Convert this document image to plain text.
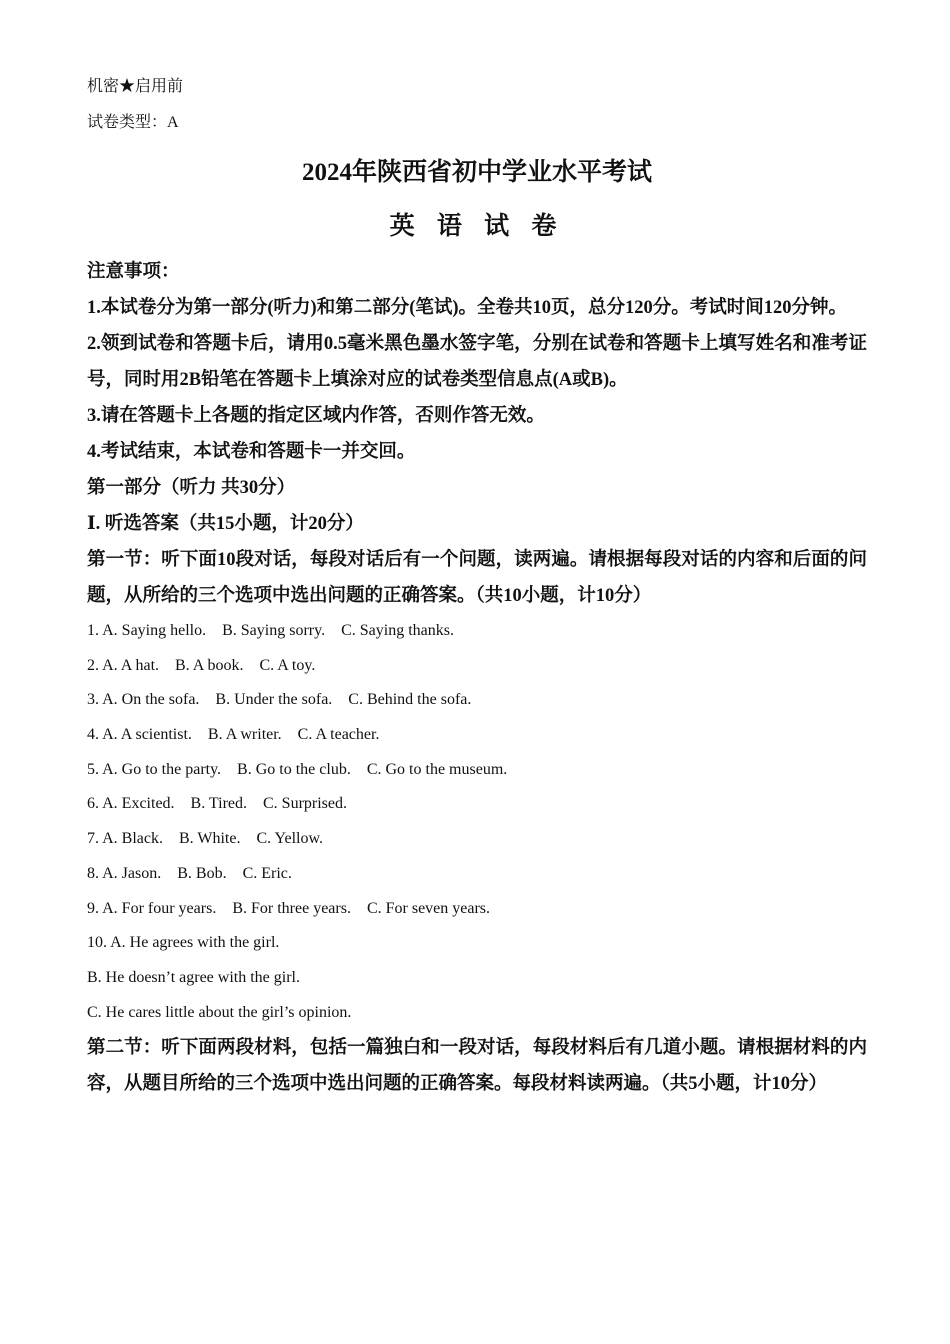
机密★启用前
试卷类型：A
2024年陕西省初中学业水平考试
英 语 试 卷
注意事项：
1.本试卷分为第一部分(听力)和第二部分(笔试)。全卷共10页，总分120分。考试时间120分钟。
2.领到试卷和答题卡后，请用0.5毫米黑色墨水签字笔，分别在试卷和答题卡上填写姓名和准考证号，同时用2B铅笔在答题卡上填涂对应的试卷类型信息点(A或B)。
3.请在答题卡上各题的指定区域内作答，否则作答无效。
4.考试结束，本试卷和答题卡一并交回。
第一部分（听力 共30分）
Ⅰ. 听选答案（共15小题，计20分）
第一节：听下面10段对话，每段对话后有一个问题，读两遍。请根据每段对话的内容和后面的问题，从所给的三个选项中选出问题的正确答案。（共10小题，计10分）
1. A. Saying hello.    B. Saying sorry.    C. Saying thanks.
2. A. A hat.    B. A book.    C. A toy.
3. A. On the sofa.    B. Under the sofa.    C. Behind the sofa.
4. A. A scientist.    B. A writer.    C. A teacher.
5. A. Go to the party.    B. Go to the club.    C. Go to the museum.
6. A. Excited.    B. Tired.    C. Surprised.
7. A. Black.    B. White.    C. Yellow.
8. A. Jason.    B. Bob.    C. Eric.
9. A. For four years.    B. For three years.    C. For seven years.
10. A. He agrees with the girl.
B. He doesn’t agree with the girl.
C. He cares little about the girl’s opinion.
第二节：听下面两段材料，包括一篇独白和一段对话，每段材料后有几道小题。请根据材料的内容，从题目所给的三个选项中选出问题的正确答案。每段材料读两遍。（共5小题，计10分）
